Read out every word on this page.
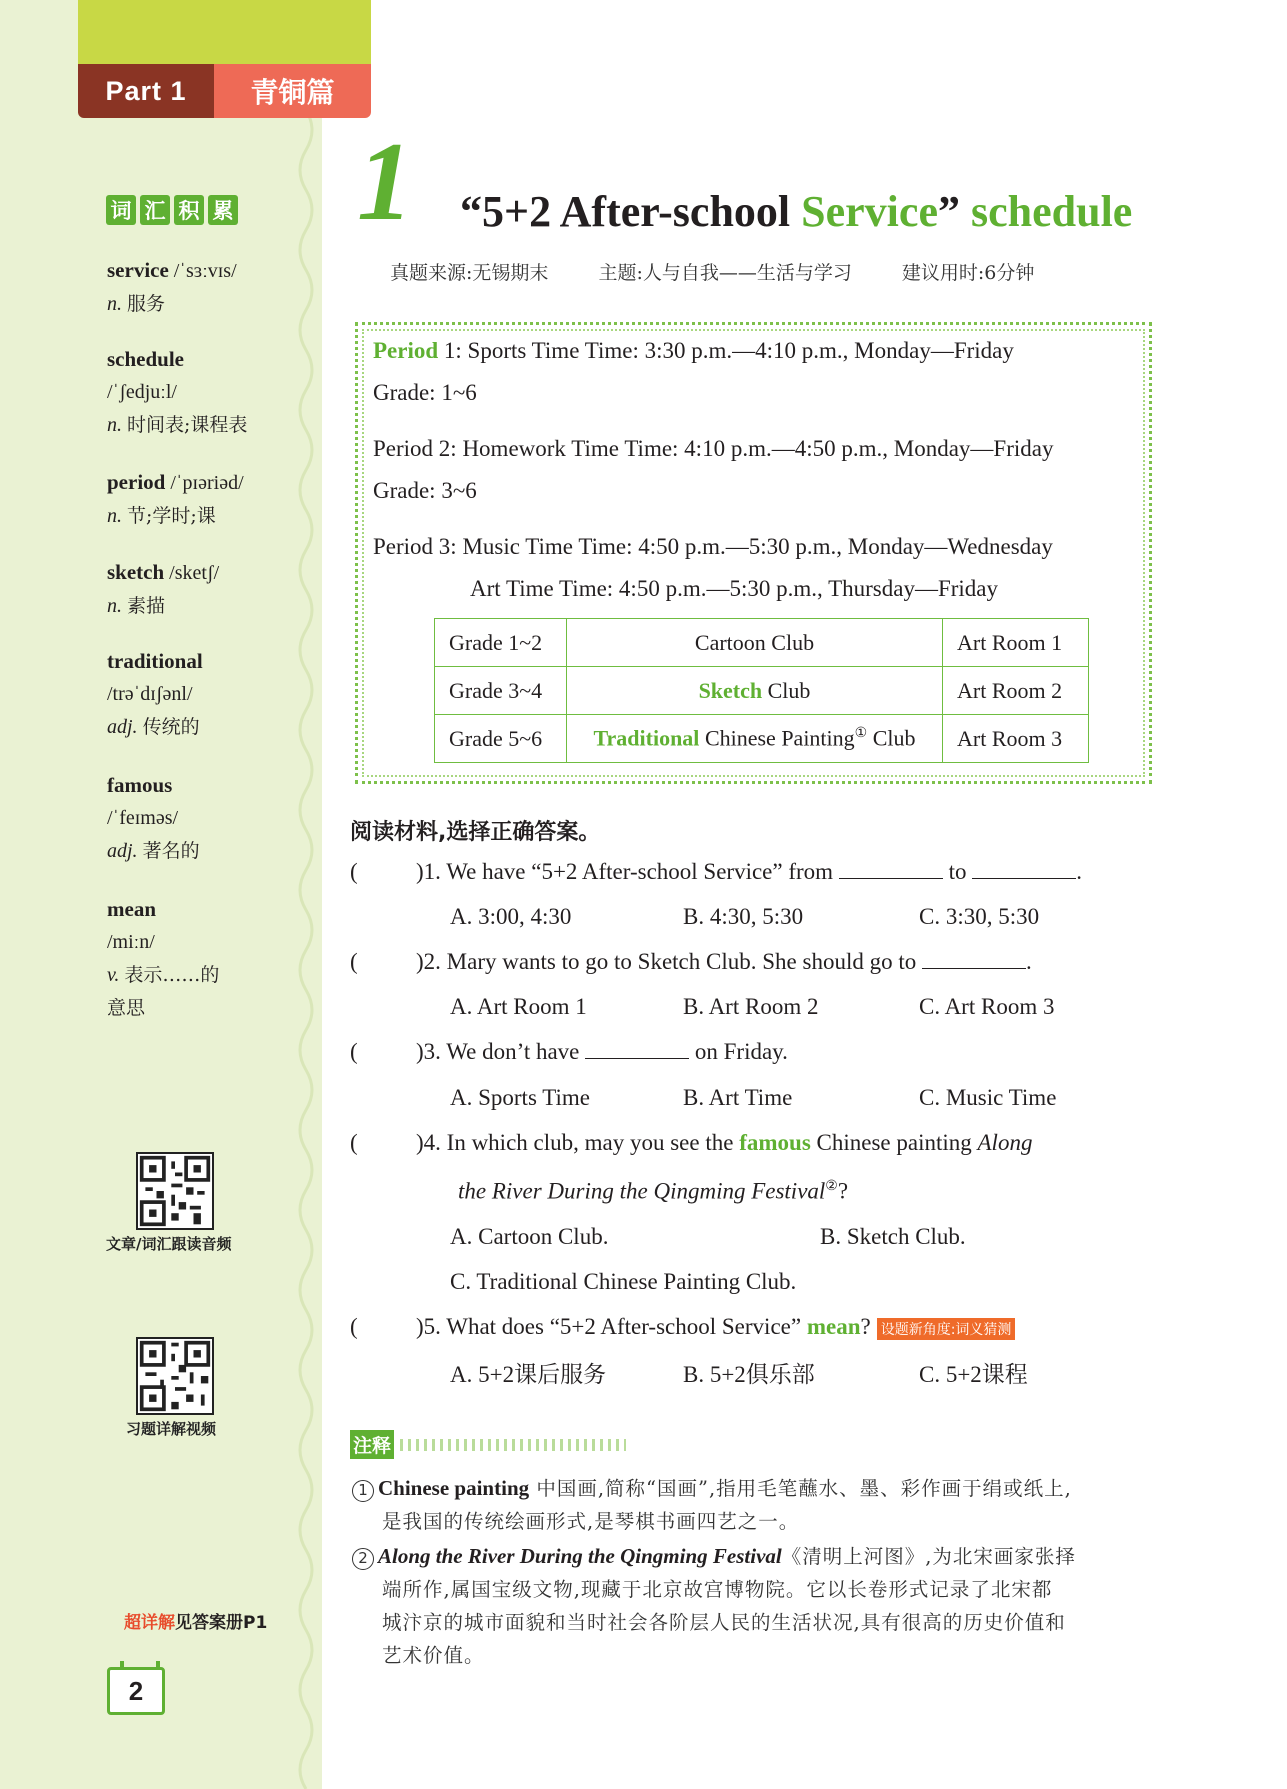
Part 1	青铜篇
词 汇 积 累
service /ˈsɜːvɪs/
n. 服务
schedule
/ˈʃedjuːl/
n. 时间表;课程表
period /ˈpɪəriəd/
n. 节;学时;课
sketch /sketʃ/
n. 素描
traditional
/trəˈdɪʃənl/
adj. 传统的
famous
/ˈfeɪməs/
adj. 著名的
mean
/miːn/
v. 表示……的
意思
文章/词汇跟读音频
习题详解视频
超详解见答案册P1
2
1 “5+2 After-school Service” schedule
真题来源:无锡期末	主题:人与自我——生活与学习	建议用时:6分钟
Period 1: Sports Time Time: 3:30 p.m.—4:10 p.m., Monday—Friday
Grade: 1~6
Period 2: Homework Time Time: 4:10 p.m.—4:50 p.m., Monday—Friday
Grade: 3~6
Period 3: Music Time Time: 4:50 p.m.—5:30 p.m., Monday—Wednesday
Art Time Time: 4:50 p.m.—5:30 p.m., Thursday—Friday
Grade 1~2	Cartoon Club	Art Room 1
Grade 3~4	Sketch Club	Art Room 2
Grade 5~6	Traditional Chinese Painting① Club	Art Room 3
阅读材料,选择正确答案。
(	)1. We have “5+2 After-school Service” from	to	.
A. 3:00, 4:30	B. 4:30, 5:30	C. 3:30, 5:30
(	)2. Mary wants to go to Sketch Club. She should go to	.
A. Art Room 1	B. Art Room 2	C. Art Room 3
(	)3. We don’t have	on Friday.
A. Sports Time	B. Art Time	C. Music Time
(	)4. In which club, may you see the famous Chinese painting Along
the River During the Qingming Festival②?
A. Cartoon Club.	B. Sketch Club.
C. Traditional Chinese Painting Club.
(	)5. What does “5+2 After-school Service” mean? 设题新角度:词义猜测
A. 5+2课后服务	B. 5+2俱乐部	C. 5+2课程
注释
1 Chinese painting 中国画,简称“国画”,指用毛笔蘸水、墨、彩作画于绢或纸上,
是我国的传统绘画形式,是琴棋书画四艺之一。
2 Along the River During the Qingming Festival《清明上河图》,为北宋画家张择
端所作,属国宝级文物,现藏于北京故宫博物院。它以长卷形式记录了北宋都
城汴京的城市面貌和当时社会各阶层人民的生活状况,具有很高的历史价值和
艺术价值。
